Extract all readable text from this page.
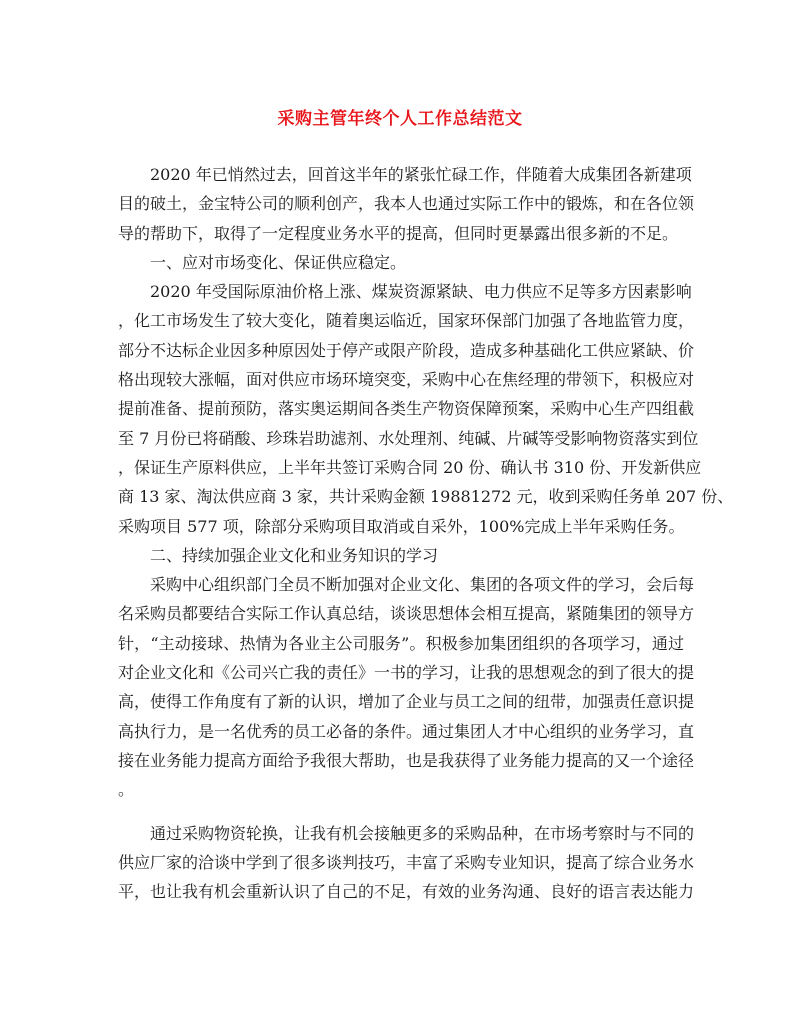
采购主管年终个人工作总结范文
2020 年已悄然过去，回首这半年的紧张忙碌工作，伴随着大成集团各新建项
目的破土，金宝特公司的顺利创产，我本人也通过实际工作中的锻炼，和在各位领
导的帮助下，取得了一定程度业务水平的提高，但同时更暴露出很多新的不足。
一、应对市场变化、保证供应稳定。
2020 年受国际原油价格上涨、煤炭资源紧缺、电力供应不足等多方因素影响
，化工市场发生了较大变化，随着奥运临近，国家环保部门加强了各地监管力度，
部分不达标企业因多种原因处于停产或限产阶段，造成多种基础化工供应紧缺、价
格出现较大涨幅，面对供应市场环境突变，采购中心在焦经理的带领下，积极应对
提前准备、提前预防，落实奥运期间各类生产物资保障预案，采购中心生产四组截
至 7 月份已将硝酸、珍珠岩助滤剂、水处理剂、纯碱、片碱等受影响物资落实到位
，保证生产原料供应，上半年共签订采购合同 20 份、确认书 310 份、开发新供应
商 13 家、淘汰供应商 3 家，共计采购金额 19881272 元，收到采购任务单 207 份、
采购项目 577 项，除部分采购项目取消或自采外，100%完成上半年采购任务。
二、持续加强企业文化和业务知识的学习
采购中心组织部门全员不断加强对企业文化、集团的各项文件的学习，会后每
名采购员都要结合实际工作认真总结，谈谈思想体会相互提高，紧随集团的领导方
针，“主动接球、热情为各业主公司服务”。积极参加集团组织的各项学习，通过
对企业文化和《公司兴亡我的责任》一书的学习，让我的思想观念的到了很大的提
高，使得工作角度有了新的认识，增加了企业与员工之间的纽带，加强责任意识提
高执行力，是一名优秀的员工必备的条件。通过集团人才中心组织的业务学习，直
接在业务能力提高方面给予我很大帮助，也是我获得了业务能力提高的又一个途径
。
通过采购物资轮换，让我有机会接触更多的采购品种，在市场考察时与不同的
供应厂家的洽谈中学到了很多谈判技巧，丰富了采购专业知识，提高了综合业务水
平，也让我有机会重新认识了自己的不足，有效的业务沟通、良好的语言表达能力
